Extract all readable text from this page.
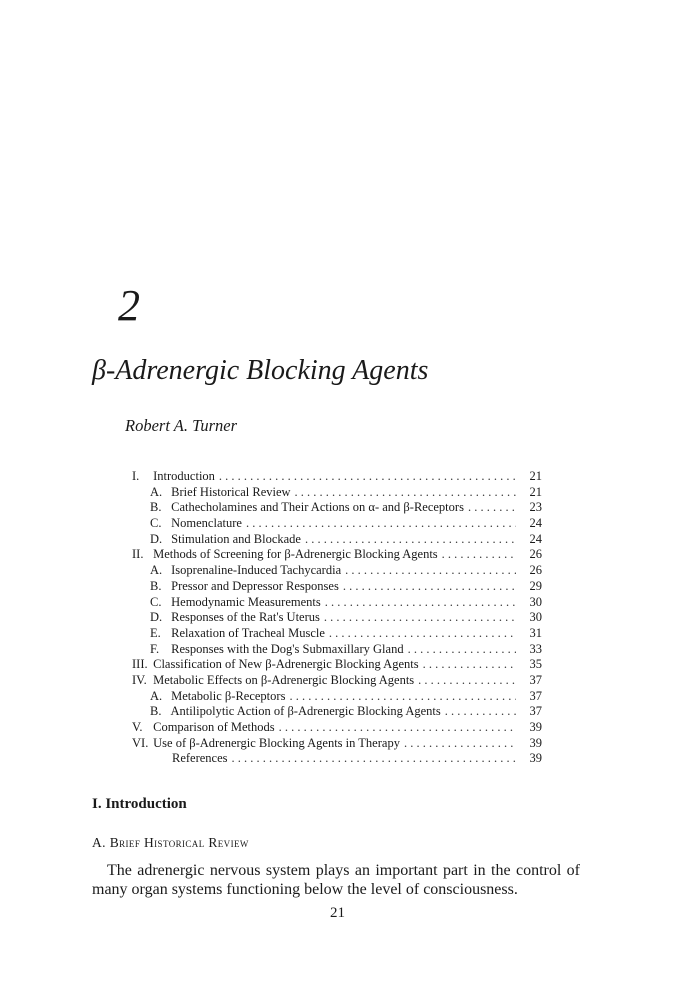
2
β-Adrenergic Blocking Agents
Robert A. Turner
I. Introduction . . .	21
A. Brief Historical Review . . .	21
B. Cathecholamines and Their Actions on α- and β-Receptors . . .	23
C. Nomenclature . . .	24
D. Stimulation and Blockade . . .	24
II. Methods of Screening for β-Adrenergic Blocking Agents . . .	26
A. Isoprenaline-Induced Tachycardia . . .	26
B. Pressor and Depressor Responses . . .	29
C. Hemodynamic Measurements . . .	30
D. Responses of the Rat's Uterus . . .	30
E. Relaxation of Tracheal Muscle . . .	31
F. Responses with the Dog's Submaxillary Gland . . .	33
III. Classification of New β-Adrenergic Blocking Agents . . .	35
IV. Metabolic Effects on β-Adrenergic Blocking Agents . . .	37
A. Metabolic β-Receptors . . .	37
B. Antilipolytic Action of β-Adrenergic Blocking Agents . . .	37
V. Comparison of Methods . . .	39
VI. Use of β-Adrenergic Blocking Agents in Therapy . . .	39
References . . .	39
I. Introduction
A. Brief Historical Review
The adrenergic nervous system plays an important part in the control of many organ systems functioning below the level of consciousness.
21
